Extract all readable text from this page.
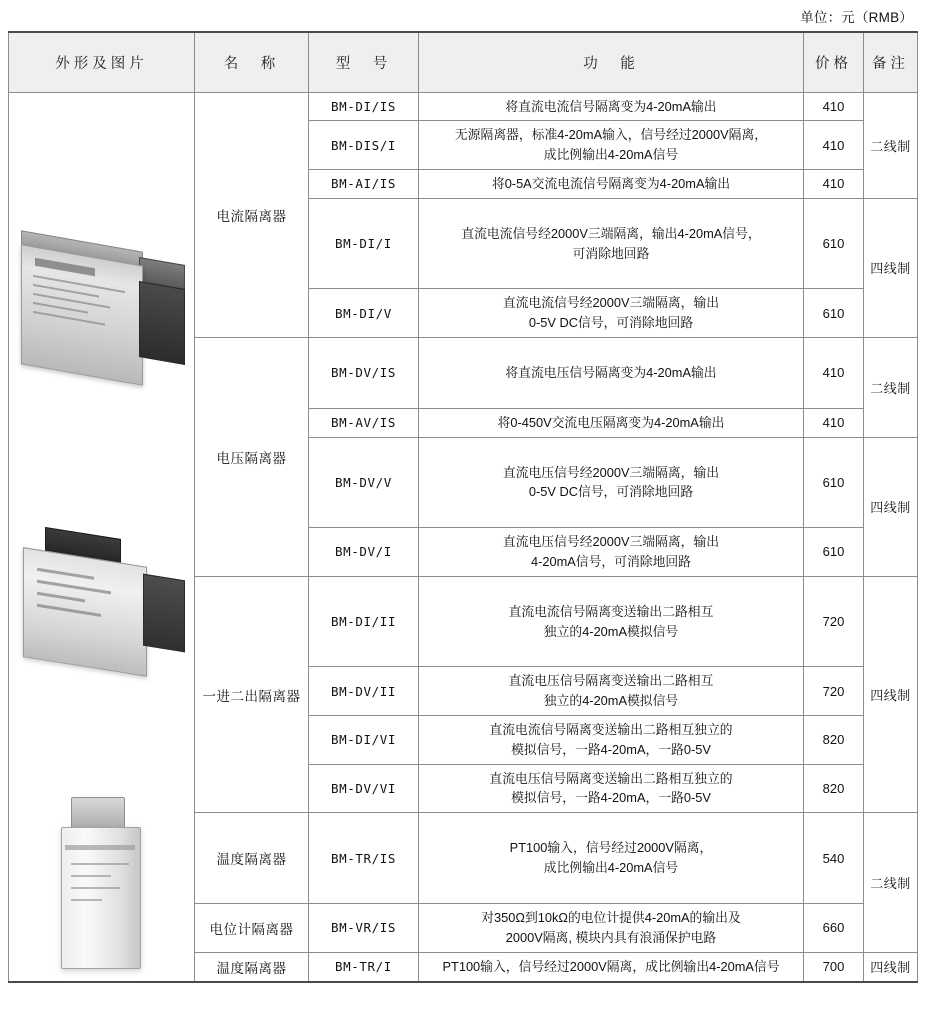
单位：元（RMB）
外形及图片	名　称	型　号	功　能	价格	备注

	电流隔离器	BM-DI/IS	将直流电流信号隔离变为4-20mA输出	410	二线制
		BM-DIS/I	无源隔离器，标准4-20mA输入，信号经过2000V隔离，
成比例输出4-20mA信号	410	
		BM-AI/IS	将0-5A交流电流信号隔离变为4-20mA输出	410	
		BM-DI/I	直流电流信号经2000V三端隔离，输出4-20mA信号，
可消除地回路	610	四线制
		BM-DI/V	直流电流信号经2000V三端隔离，输出
0-5V DC信号，可消除地回路	610	
	电压隔离器	BM-DV/IS	将直流电压信号隔离变为4-20mA输出	410	二线制
		BM-AV/IS	将0-450V交流电压隔离变为4-20mA输出	410	
		BM-DV/V	直流电压信号经2000V三端隔离，输出
0-5V DC信号，可消除地回路	610	四线制
		BM-DV/I	直流电压信号经2000V三端隔离，输出
4-20mA信号，可消除地回路	610	
	一进二出隔离器	BM-DI/II	直流电流信号隔离变送输出二路相互
独立的4-20mA模拟信号	720	四线制
		BM-DV/II	直流电压信号隔离变送输出二路相互
独立的4-20mA模拟信号	720	
		BM-DI/VI	直流电流信号隔离变送输出二路相互独立的
模拟信号，一路4-20mA，一路0-5V	820	
		BM-DV/VI	直流电压信号隔离变送输出二路相互独立的
模拟信号，一路4-20mA，一路0-5V	820	
	温度隔离器	BM-TR/IS	PT100输入，信号经过2000V隔离，
成比例输出4-20mA信号	540	二线制
	电位计隔离器	BM-VR/IS	对350Ω到10kΩ的电位计提供4-20mA的输出及
2000V隔离, 模块内具有浪涌保护电路	660	
	温度隔离器	BM-TR/I	PT100输入，信号经过2000V隔离，成比例输出4-20mA信号	700	四线制
